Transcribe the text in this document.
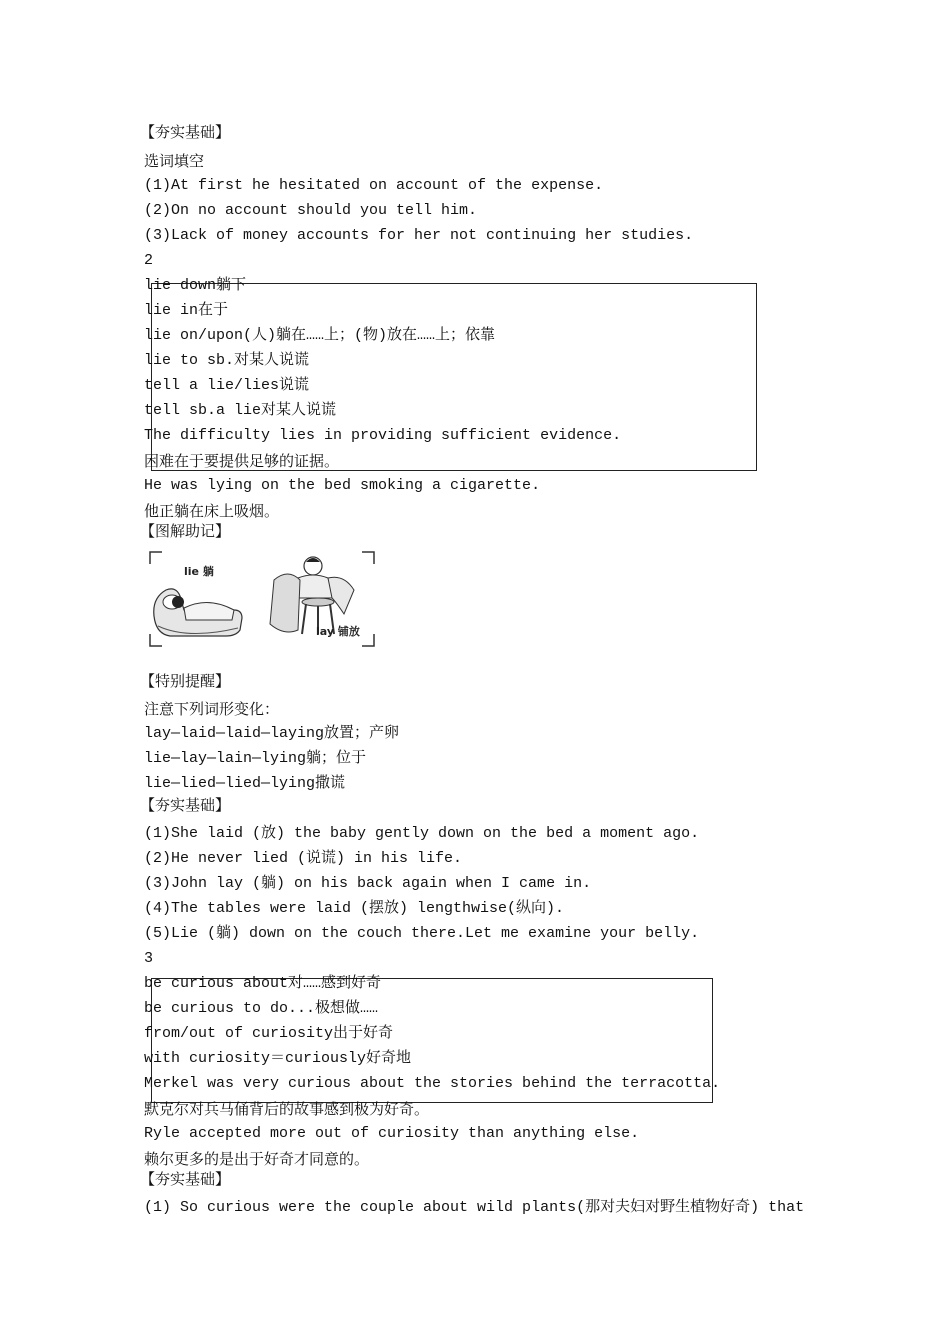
【夯实基础】
选词填空
(1)At first he hesitated on account of the expense.
(2)On no account should you tell him.
(3)Lack of money accounts for her not continuing her studies.
2
lie down躺下
lie in在于
lie on/upon(人)躺在……上；(物)放在……上；依靠
lie to sb.对某人说谎
tell a lie/lies说谎
tell sb.a lie对某人说谎
The difficulty lies in providing sufficient evidence.
困难在于要提供足够的证据。
He was lying on the bed smoking a cigarette.
他正躺在床上吸烟。
【图解助记】
lie 躺
lay 铺放
【特别提醒】
注意下列词形变化：
lay—laid—laid—laying放置；产卵
lie—lay—lain—lying躺；位于
lie—lied—lied—lying撒谎
【夯实基础】
(1)She laid (放) the baby gently down on the bed a moment ago.
(2)He never lied (说谎) in his life.
(3)John lay (躺) on his back again when I came in.
(4)The tables were laid (摆放) lengthwise(纵向).
(5)Lie (躺) down on the couch there.Let me examine your belly.
3
be curious about对……感到好奇
be curious to do...极想做……
from/out of curiosity出于好奇
with curiosity＝curiously好奇地
Merkel was very curious about the stories behind the terracotta.
默克尔对兵马俑背后的故事感到极为好奇。
Ryle accepted more out of curiosity than anything else.
赖尔更多的是出于好奇才同意的。
【夯实基础】
(1) So curious were the couple about wild plants(那对夫妇对野生植物好奇) that
